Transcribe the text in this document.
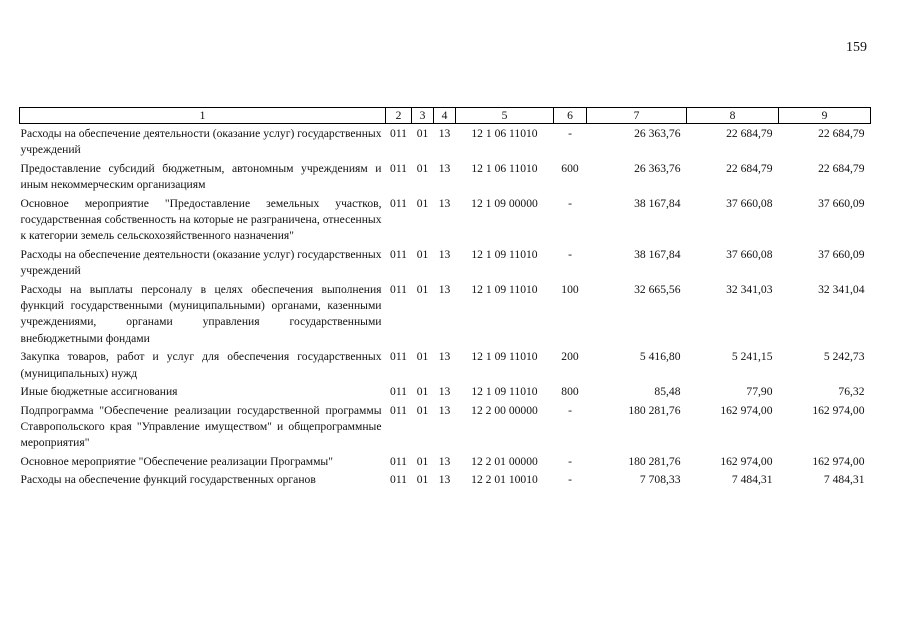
159
1	2	3	4	5	6	7	8	9
Расходы на обеспечение деятельности (оказание услуг) государственных учреждений	011	01	13	12 1 06 11010	-	26 363,76	22 684,79	22 684,79
Предоставление субсидий бюджетным, автономным учреждениям и иным некоммерческим организациям	011	01	13	12 1 06 11010	600	26 363,76	22 684,79	22 684,79
Основное мероприятие "Предоставление земельных участков, государственная собственность на которые не разграничена, отнесенных к категории земель сельскохозяйственного назначения"	011	01	13	12 1 09 00000	-	38 167,84	37 660,08	37 660,09
Расходы на обеспечение деятельности (оказание услуг) государственных учреждений	011	01	13	12 1 09 11010	-	38 167,84	37 660,08	37 660,09
Расходы на выплаты персоналу в целях обеспечения выполнения функций государственными (муниципальными) органами, казенными учреждениями, органами управления государственными внебюджетными фондами	011	01	13	12 1 09 11010	100	32 665,56	32 341,03	32 341,04
Закупка товаров, работ и услуг для обеспечения государственных (муниципальных) нужд	011	01	13	12 1 09 11010	200	5 416,80	5 241,15	5 242,73
Иные бюджетные ассигнования	011	01	13	12 1 09 11010	800	85,48	77,90	76,32
Подпрограмма "Обеспечение реализации государственной программы Ставропольского края "Управление имуществом" и общепрограммные мероприятия"	011	01	13	12 2 00 00000	-	180 281,76	162 974,00	162 974,00
Основное мероприятие "Обеспечение реализации Программы"	011	01	13	12 2 01 00000	-	180 281,76	162 974,00	162 974,00
Расходы на обеспечение функций государственных органов	011	01	13	12 2 01 10010	-	7 708,33	7 484,31	7 484,31
